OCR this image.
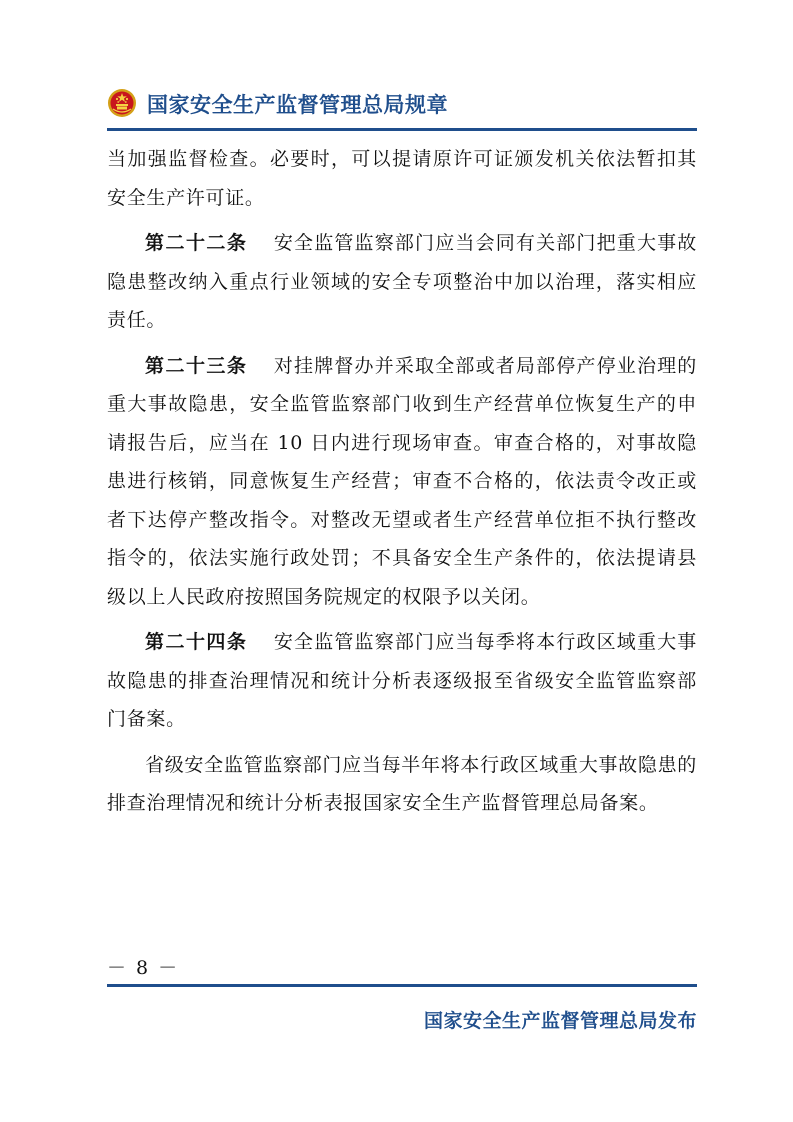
国家安全生产监督管理总局规章

当加强监督检查。必要时，可以提请原许可证颁发机关依法暂扣其安全生产许可证。

第二十二条 安全监管监察部门应当会同有关部门把重大事故隐患整改纳入重点行业领域的安全专项整治中加以治理，落实相应责任。

第二十三条 对挂牌督办并采取全部或者局部停产停业治理的重大事故隐患，安全监管监察部门收到生产经营单位恢复生产的申请报告后，应当在 10 日内进行现场审查。审查合格的，对事故隐患进行核销，同意恢复生产经营；审查不合格的，依法责令改正或者下达停产整改指令。对整改无望或者生产经营单位拒不执行整改指令的，依法实施行政处罚；不具备安全生产条件的，依法提请县级以上人民政府按照国务院规定的权限予以关闭。

第二十四条 安全监管监察部门应当每季将本行政区域重大事故隐患的排查治理情况和统计分析表逐级报至省级安全监管监察部门备案。

省级安全监管监察部门应当每半年将本行政区域重大事故隐患的排查治理情况和统计分析表报国家安全生产监督管理总局备案。

－ 8 －
国家安全生产监督管理总局发布
